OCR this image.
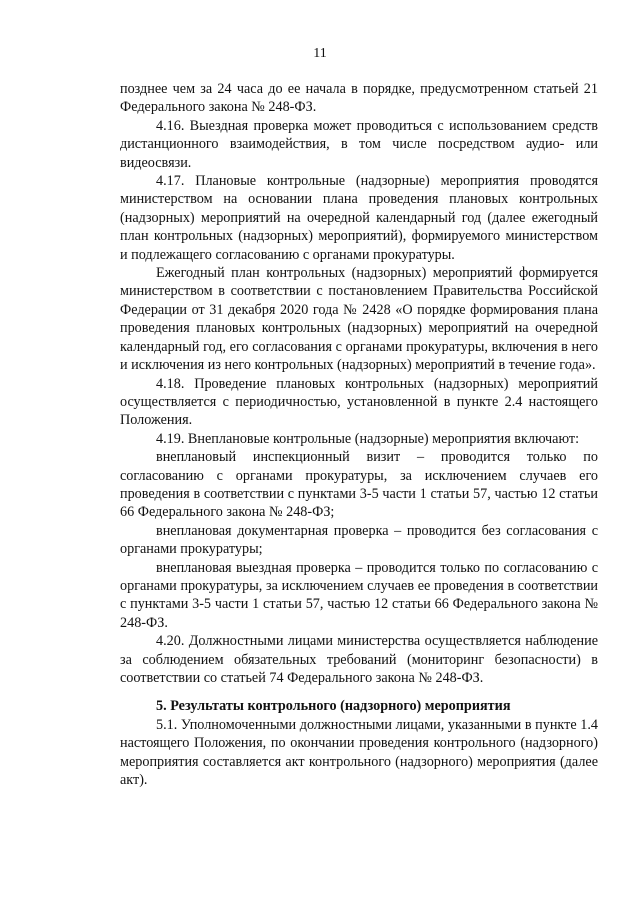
11

позднее чем за 24 часа до ее начала в порядке, предусмотренном статьей 21 Федерального закона № 248-ФЗ.

4.16. Выездная проверка может проводиться с использованием средств дистанционного взаимодействия, в том числе посредством аудио- или видеосвязи.

4.17. Плановые контрольные (надзорные) мероприятия проводятся министерством на основании плана проведения плановых контрольных (надзорных) мероприятий на очередной календарный год (далее ежегодный план контрольных (надзорных) мероприятий), формируемого министерством и подлежащего согласованию с органами прокуратуры.

Ежегодный план контрольных (надзорных) мероприятий формируется министерством в соответствии с постановлением Правительства Российской Федерации от 31 декабря 2020 года № 2428 «О порядке формирования плана проведения плановых контрольных (надзорных) мероприятий на очередной календарный год, его согласования с органами прокуратуры, включения в него и исключения из него контрольных (надзорных) мероприятий в течение года».

4.18. Проведение плановых контрольных (надзорных) мероприятий осуществляется с периодичностью, установленной в пункте 2.4 настоящего Положения.

4.19. Внеплановые контрольные (надзорные) мероприятия включают:

внеплановый инспекционный визит – проводится только по согласованию с органами прокуратуры, за исключением случаев его проведения в соответствии с пунктами 3-5 части 1 статьи 57, частью 12 статьи 66 Федерального закона № 248-ФЗ;

внеплановая документарная проверка – проводится без согласования с органами прокуратуры;

внеплановая выездная проверка – проводится только по согласованию с органами прокуратуры, за исключением случаев ее проведения в соответствии с пунктами 3-5 части 1 статьи 57, частью 12 статьи 66 Федерального закона № 248-ФЗ.

4.20. Должностными лицами министерства осуществляется наблюдение за соблюдением обязательных требований (мониторинг безопасности) в соответствии со статьей 74 Федерального закона № 248-ФЗ.

5. Результаты контрольного (надзорного) мероприятия

5.1. Уполномоченными должностными лицами, указанными в пункте 1.4 настоящего Положения, по окончании проведения контрольного (надзорного) мероприятия составляется акт контрольного (надзорного) мероприятия (далее акт).
